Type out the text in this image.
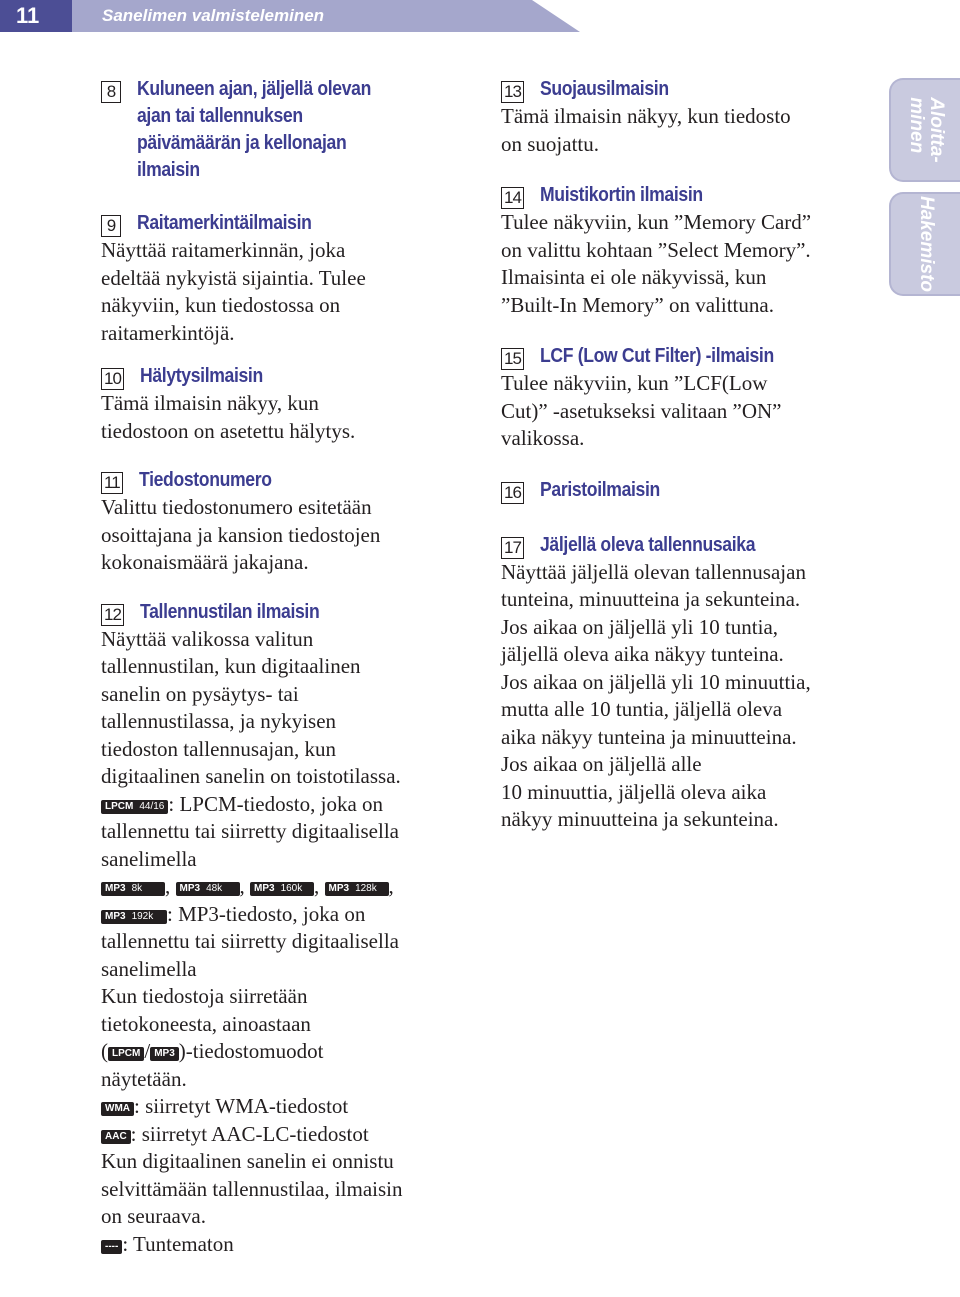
11	Sanelimen valmisteleminen
Aloitta-
minen
Hakemisto
8 Kuluneen ajan, jäljellä olevan
ajan tai tallennuksen
päivämäärän ja kellonajan
ilmaisin
9 Raitamerkintäilmaisin

Näyttää raitamerkinnän, joka

edeltää nykyistä sijaintia. Tulee

näkyviin, kun tiedostossa on

raitamerkintöjä.

10 Hälytysilmaisin

Tämä ilmaisin näkyy, kun

tiedostoon on asetettu hälytys.

11 Tiedostonumero

Valittu tiedostonumero esitetään

osoittajana ja kansion tiedostojen

kokonaismäärä jakajana.

12 Tallennustilan ilmaisin

Näyttää valikossa valitun

tallennustilan, kun digitaalinen

sanelin on pysäytys- tai

tallennustilassa, ja nykyisen

tiedoston tallennusajan, kun

digitaalinen sanelin on toistotilassa.

LPCM 44/16 : LPCM-tiedosto, joka on

tallennettu tai siirretty digitaalisella

sanelimella

MP3 8k , MP3 48k , MP3 160k , MP3 128k ,

MP3 192k : MP3-tiedosto, joka on

tallennettu tai siirretty digitaalisella

sanelimella

Kun tiedostoja siirretään

tietokoneesta, ainoastaan

( LPCM / MP3 )-tiedostomuodot

näytetään.

WMA : siirretyt WMA-tiedostot

AAC : siirretyt AAC-LC-tiedostot

Kun digitaalinen sanelin ei onnistu

selvittämään tallennustilaa, ilmaisin

on seuraava.

---- : Tuntematon

13 Suojausilmaisin

Tämä ilmaisin näkyy, kun tiedosto

on suojattu.

14 Muistikortin ilmaisin

Tulee näkyviin, kun ”Memory Card”

on valittu kohtaan ”Select Memory”.

Ilmaisinta ei ole näkyvissä, kun

”Built-In Memory” on valittuna.

15 LCF (Low Cut Filter) -ilmaisin

Tulee näkyviin, kun ”LCF(Low

Cut)” -asetukseksi valitaan ”ON”

valikossa.

16 Paristoilmaisin
17 Jäljellä oleva tallennusaika

Näyttää jäljellä olevan tallennusajan

tunteina, minuutteina ja sekunteina.

Jos aikaa on jäljellä yli 10 tuntia,

jäljellä oleva aika näkyy tunteina.

Jos aikaa on jäljellä yli 10 minuuttia,

mutta alle 10 tuntia, jäljellä oleva

aika näkyy tunteina ja minuutteina.

Jos aikaa on jäljellä alle

10 minuuttia, jäljellä oleva aika

näkyy minuutteina ja sekunteina.
